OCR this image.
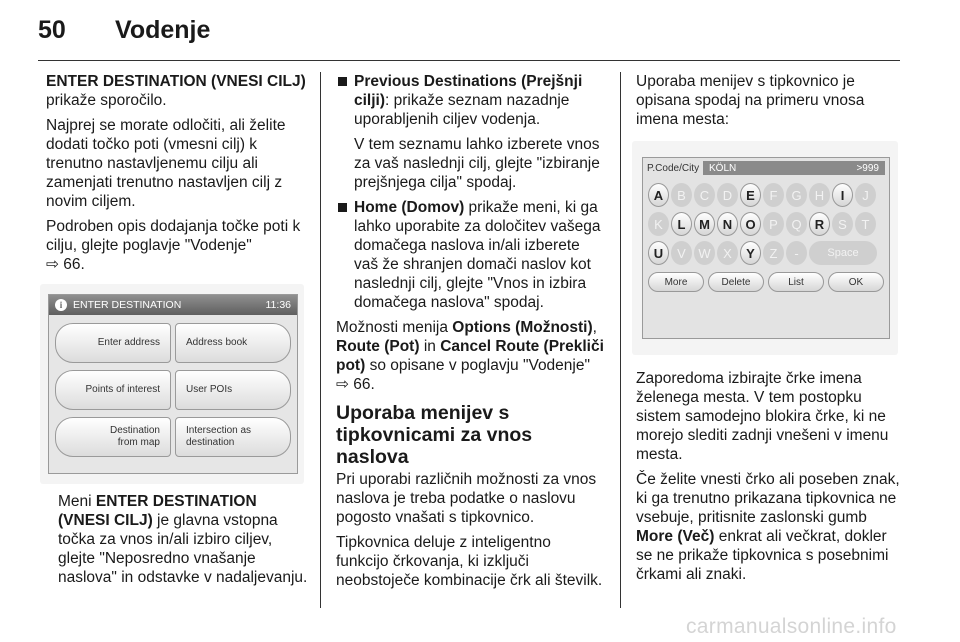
50 Vodenje

ENTER DESTINATION (VNESI CILJ) prikaže sporočilo.

Najprej se morate odločiti, ali želite dodati točko poti (vmesni cilj) k trenutno nastavljenemu cilju ali zamenjati trenutno nastavljen cilj z novim ciljem.

Podroben opis dodajanja točke poti k cilju, glejte poglavje "Vodenje"
⇨ 66.

i	ENTER DESTINATION	11:36
Enter address	Address book
Points of interest	User POIs
Destination
from map
Intersection as
destination

Meni ENTER DESTINATION (VNESI CILJ) je glavna vstopna točka za vnos in/ali izbiro ciljev, glejte "Neposredno vnašanje naslova" in odstavke v nadaljevanju.

Previous Destinations (Prejšnji cilji): prikaže seznam nazadnje uporabljenih ciljev vodenja.

V tem seznamu lahko izberete vnos za vaš naslednji cilj, glejte "izbiranje prejšnjega cilja" spodaj.

Home (Domov) prikaže meni, ki ga lahko uporabite za določitev vašega domačega naslova in/ali izberete vaš že shranjen domači naslov kot naslednji cilj, glejte "Vnos in izbira domačega naslova" spodaj.

Možnosti menija Options (Možnosti), Route (Pot) in Cancel Route (Prekliči pot) so opisane v poglavju "Vodenje"
⇨ 66.

Uporaba menijev s tipkovnicami za vnos naslova

Pri uporabi različnih možnosti za vnos naslova je treba podatke o naslovu pogosto vnašati s tipkovnico.

Tipkovnica deluje z inteligentno funkcijo črkovanja, ki izključi neobstoječe kombinacije črk ali številk.

Uporaba menijev s tipkovnico je opisana spodaj na primeru vnosa imena mesta:

P.Code/City KÖLN	>999
A	B	C	D	E	F	G	H	I	J
K	L	M N	O	P	Q	R	S	T
U	V W X	Y	Z	-	Space
More	Delete	List	OK

Zaporedoma izbirajte črke imena želenega mesta. V tem postopku sistem samodejno blokira črke, ki ne morejo slediti zadnji vnešeni v imenu mesta.

Če želite vnesti črko ali poseben znak, ki ga trenutno prikazana tipkovnica ne vsebuje, pritisnite zaslonski gumb More (Več) enkrat ali večkrat, dokler se ne prikaže tipkovnica s posebnimi črkami ali znaki.

carmanualsonline.info
